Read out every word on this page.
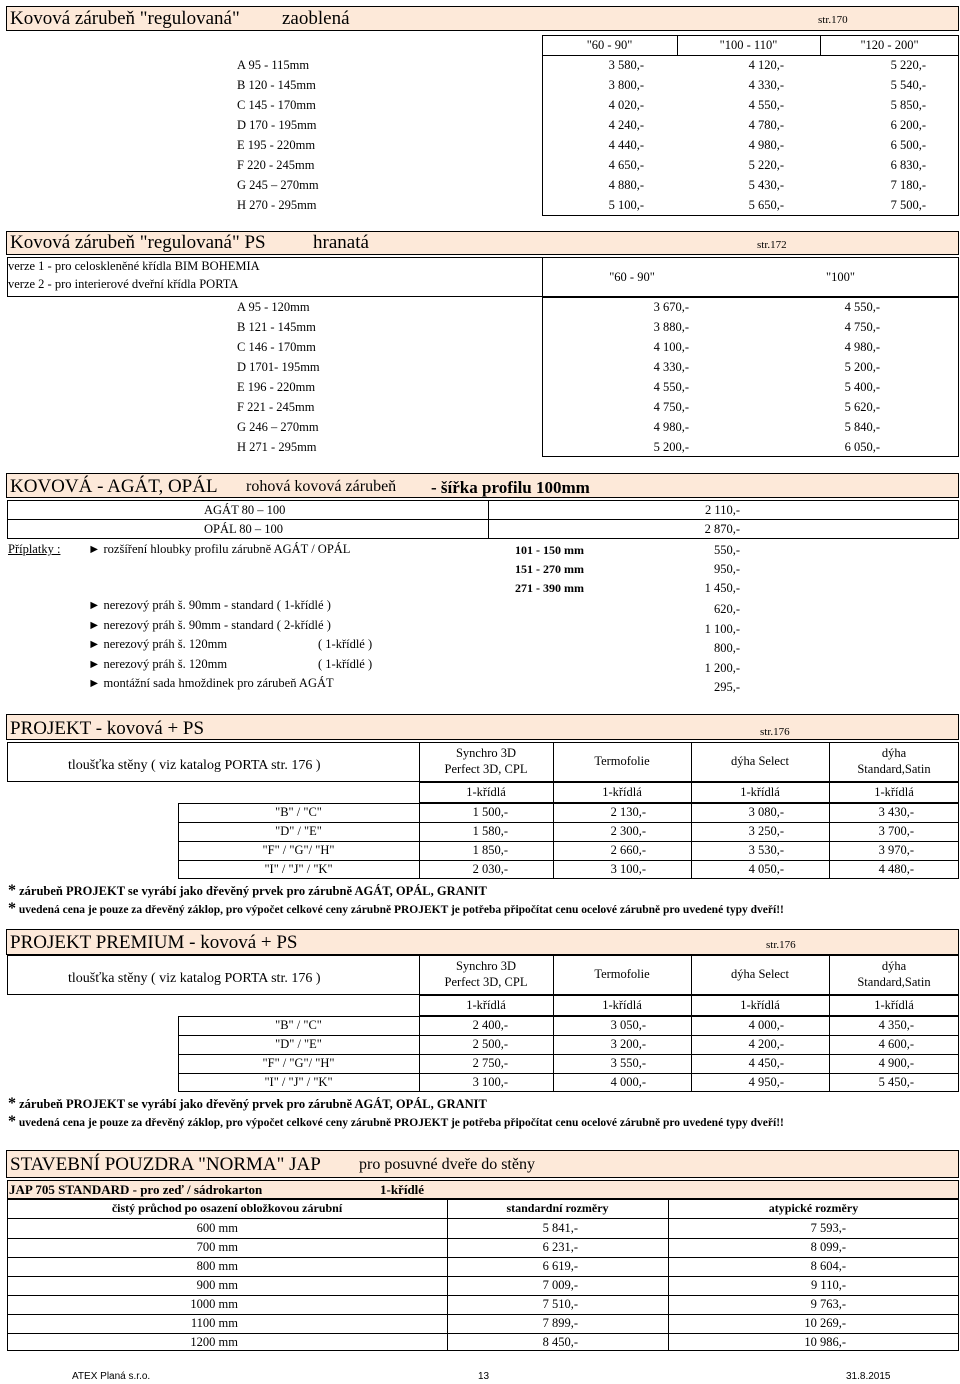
Kovová zárubeň "regulovaná" zaoblená	str.170
"60 - 90"	"100 - 110"	"120 - 200"
A 95 - 115mm	3 580,-	4 120,-	5 220,-
B 120 - 145mm	3 800,-	4 330,-	5 540,-
C 145 - 170mm	4 020,-	4 550,-	5 850,-
D 170 - 195mm	4 240,-	4 780,-	6 200,-
E 195 - 220mm	4 440,-	4 980,-	6 500,-
F 220 - 245mm	4 650,-	5 220,-	6 830,-
G 245 – 270mm	4 880,-	5 430,-	7 180,-
H 270 - 295mm	5 100,-	5 650,-	7 500,-
Kovová zárubeň "regulovaná" PS hranatá	str.172
verze 1 - pro celoskleněné křídla BIM BOHEMIA
verze 2 - pro interierové dveřní křídla PORTA	"60 - 90"	"100"
A 95 - 120mm	3 670,-	4 550,-
B 121 - 145mm	3 880,-	4 750,-
C 146 - 170mm	4 100,-	4 980,-
D 1701- 195mm	4 330,-	5 200,-
E 196 - 220mm	4 550,-	5 400,-
F 221 - 245mm	4 750,-	5 620,-
G 246 – 270mm	4 980,-	5 840,-
H 271 - 295mm	5 200,-	6 050,-
KOVOVÁ - AGÁT, OPÁL rohová kovová zárubeň - šířka profilu 100mm
AGÁT 80 – 100	2 110,-
OPÁL 80 – 100	2 870,-
Příplatky : ► rozšíření hloubky profilu zárubně AGÁT / OPÁL	101 - 150 mm	550,-
151 - 270 mm	950,-
271 - 390 mm	1 450,-
► nerezový práh š. 90mm - standard ( 1-křídlé )	620,-
► nerezový práh š. 90mm - standard ( 2-křídlé )	1 100,-
► nerezový práh š. 120mm	( 1-křídlé )	800,-
► nerezový práh š. 120mm	( 1-křídlé )	1 200,-
► montážní sada hmoždinek pro zárubeň AGÁT	295,-
PROJEKT - kovová + PS	str.176
tloušťka stěny ( viz katalog PORTA str. 176 )
Synchro 3D
Perfect 3D, CPL
Termofolie	dýha Select
dýha
Standard,Satin
1-křídlá	1-křídlá	1-křídlá	1-křídlá
"B" / "C"	1 500,-	2 130,-	3 080,-	3 430,-
"D" / "E"	1 580,-	2 300,-	3 250,-	3 700,-
"F" / "G"/ "H"	1 850,-	2 660,-	3 530,-	3 970,-
"I" / "J" / "K"	2 030,-	3 100,-	4 050,-	4 480,-
* zárubeň PROJEKT se vyrábí jako dřevěný prvek pro zárubně AGÁT, OPÁL, GRANIT
* uvedená cena je pouze za dřevěný záklop, pro výpočet celkové ceny zárubně PROJEKT je potřeba připočítat cenu ocelové zárubně pro uvedené typy dveří!!
PROJEKT PREMIUM - kovová + PS	str.176
tloušťka stěny ( viz katalog PORTA str. 176 )
Synchro 3D
Perfect 3D, CPL
Termofolie	dýha Select
dýha
Standard,Satin
1-křídlá	1-křídlá	1-křídlá	1-křídlá
"B" / "C"	2 400,-	3 050,-	4 000,-	4 350,-
"D" / "E"	2 500,-	3 200,-	4 200,-	4 600,-
"F" / "G"/ "H"	2 750,-	3 550,-	4 450,-	4 900,-
"I" / "J" / "K"	3 100,-	4 000,-	4 950,-	5 450,-
* zárubeň PROJEKT se vyrábí jako dřevěný prvek pro zárubně AGÁT, OPÁL, GRANIT
* uvedená cena je pouze za dřevěný záklop, pro výpočet celkové ceny zárubně PROJEKT je potřeba připočítat cenu ocelové zárubně pro uvedené typy dveří!!
STAVEBNÍ POUZDRA "NORMA" JAP pro posuvné dveře do stěny
JAP 705 STANDARD - pro zeď / sádrokarton	1-křídlé
čistý průchod po osazení obložkovou zárubní	standardní rozměry	atypické rozměry
600 mm	5 841,-	7 593,-
700 mm	6 231,-	8 099,-
800 mm	6 619,-	8 604,-
900 mm	7 009,-	9 110,-
1000 mm	7 510,-	9 763,-
1100 mm	7 899,-	10 269,-
1200 mm	8 450,-	10 986,-
ATEX Planá s.r.o.	13	31.8.2015
